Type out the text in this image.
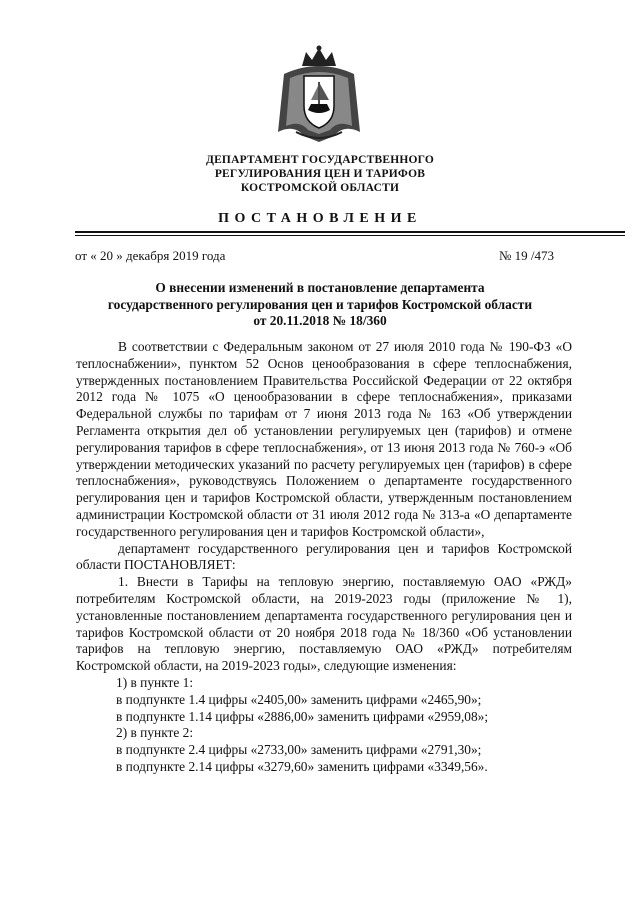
ДЕПАРТАМЕНТ ГОСУДАРСТВЕННОГО
РЕГУЛИРОВАНИЯ ЦЕН И ТАРИФОВ
КОСТРОМСКОЙ ОБЛАСТИ
ПОСТАНОВЛЕНИЕ
от « 20 » декабря 2019 года	№ 19 /473
О внесении изменений в постановление департамента
государственного регулирования цен и тарифов Костромской области
от 20.11.2018 № 18/360

В соответствии с Федеральным законом от 27 июля 2010 года № 190-ФЗ «О теплоснабжении», пунктом 52 Основ ценообразования в сфере теплоснабжения, утвержденных постановлением Правительства Российской Федерации от 22 октября 2012 года № 1075 «О ценообразовании в сфере теплоснабжения», приказами Федеральной службы по тарифам от 7 июня 2013 года № 163 «Об утверждении Регламента открытия дел об установлении регулируемых цен (тарифов) и отмене регулирования тарифов в сфере теплоснабжения», от 13 июня 2013 года № 760-э «Об утверждении методических указаний по расчету регулируемых цен (тарифов) в сфере теплоснабжения», руководствуясь Положением о департаменте государственного регулирования цен и тарифов Костромской области, утвержденным постановлением администрации Костромской области от 31 июля 2012 года № 313-а «О департаменте государственного регулирования цен и тарифов Костромской области»,

департамент государственного регулирования цен и тарифов Костромской области ПОСТАНОВЛЯЕТ:

1. Внести в Тарифы на тепловую энергию, поставляемую ОАО «РЖД» потребителям Костромской области, на 2019-2023 годы (приложение № 1), установленные постановлением департамента государственного регулирования цен и тарифов Костромской области от 20 ноября 2018 года № 18/360 «Об установлении тарифов на тепловую энергию, поставляемую ОАО «РЖД» потребителям Костромской области, на 2019-2023 годы», следующие изменения:

1) в пункте 1:

в подпункте 1.4 цифры «2405,00» заменить цифрами «2465,90»;

в подпункте 1.14 цифры «2886,00» заменить цифрами «2959,08»;

2) в пункте 2:

в подпункте 2.4 цифры «2733,00» заменить цифрами «2791,30»;

в подпункте 2.14 цифры «3279,60» заменить цифрами «3349,56».
